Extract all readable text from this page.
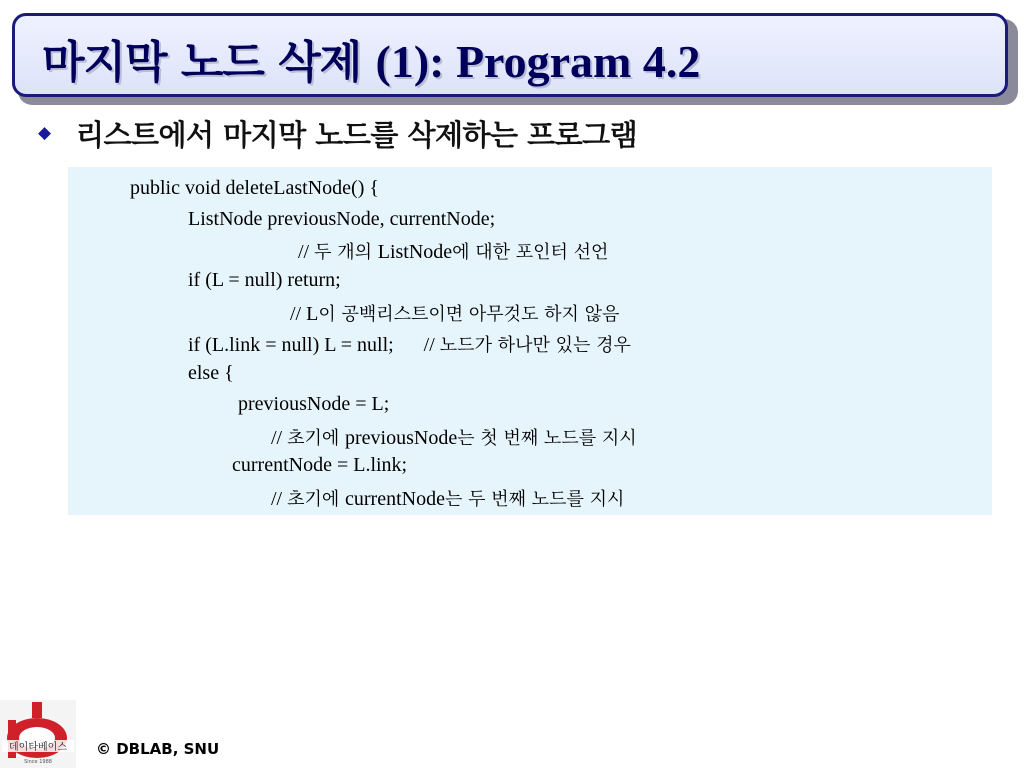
마지막 노드 삭제 (1): Program 4.2
◆ 리스트에서 마지막 노드를 삭제하는 프로그램
public void deleteLastNode() {
ListNode previousNode, currentNode;
// 두 개의 ListNode에 대한 포인터 선언
if (L = null) return;
// L이 공백리스트이면 아무것도 하지 않음
if (L.link = null) L = null;      // 노드가 하나만 있는 경우
else {
previousNode = L;
// 초기에 previousNode는 첫 번째 노드를 지시
currentNode = L.link;
// 초기에 currentNode는 두 번째 노드를 지시
데이타베이스
Since 1988
© DBLAB, SNU
